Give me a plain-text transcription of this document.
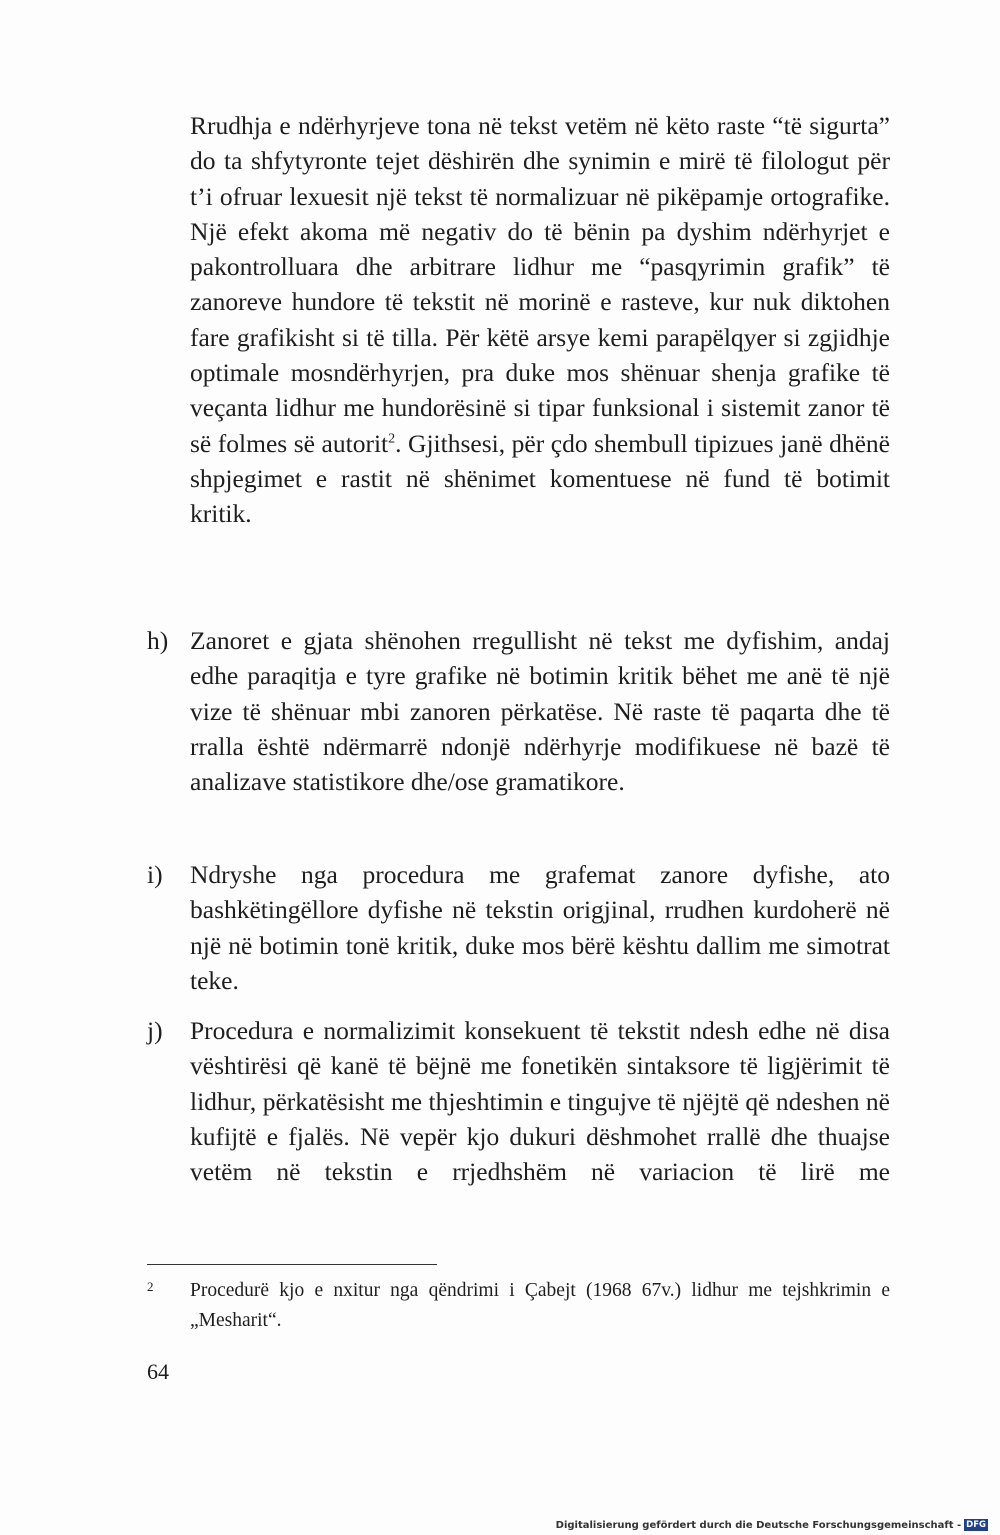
Rrudhja e ndërhyrjeve tona në tekst vetëm në këto raste “të sigurta” do ta shfytyronte tejet dëshirën dhe synimin e mirë të filologut për t’i ofruar lexuesit një tekst të normalizuar në pikëpamje ortografike. Një efekt akoma më negativ do të bënin pa dyshim ndërhyrjet e pakontrolluara dhe arbitrare lidhur me “pasqyrimin grafik” të zanoreve hundore të tekstit në morinë e rasteve, kur nuk diktohen fare grafikisht si të tilla. Për këtë arsye kemi parapëlqyer si zgjidhje optimale mosndërhyrjen, pra duke mos shënuar shenja grafike të veçanta lidhur me hundorësinë si tipar funksional i sistemit zanor të së folmes së autorit$^2$. Gjithsesi, për çdo shembull tipizues janë dhënë shpjegimet e rastit në shënimet komentuese në fund të botimit kritik.

h) Zanoret e gjata shënohen rregullisht në tekst me dyfishim, andaj edhe paraqitja e tyre grafike në botimin kritik bëhet me anë të një vize të shënuar mbi zanoren përkatëse. Në raste të paqarta dhe të rralla është ndërmarrë ndonjë ndërhyrje modifikuese në bazë të analizave statistikore dhe/ose gramatikore.
i)	Ndryshe nga procedura me grafemat zanore dyfishe, ato bashkëtingëllore dyfishe në tekstin origjinal, rrudhen kurdoherë në një në botimin tonë kritik, duke mos bërë kështu dallim me simotrat teke.
j)	Procedura e normalizimit konsekuent të tekstit ndesh edhe në disa vështirësi që kanë të bëjnë me fonetikën sintaksore të ligjërimit të lidhur, përkatësisht me thjeshtimin e tingujve të njëjtë që ndeshen në kufijtë e fjalës. Në vepër kjo dukuri dëshmohet rrallë dhe thuajse vetëm në tekstin e rrjedhshëm në variacion të lirë me
2 Procedurë kjo e nxitur nga qëndrimi i Çabejt (1968 67v.) lidhur me tejshkrimin e „Mesharit“.
64
Digitalisierung gefördert durch die Deutsche Forschungsgemeinschaft - DFG
